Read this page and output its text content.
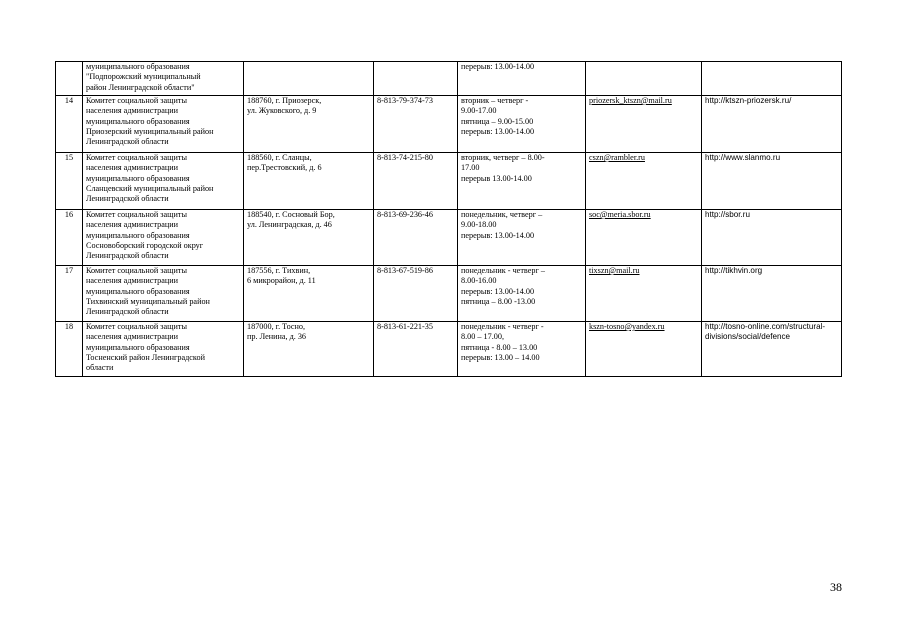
	муниципального образования
"Подпорожский муниципальный
район Ленинградской области"			перерыв: 13.00-14.00		

14	Комитет социальной защиты
населения администрации
муниципального образования
Приозерский муниципальный район
Ленинградской области	188760, г. Приозерск,
ул. Жуковского, д. 9	8-813-79-374-73	вторник – четверг -
9.00-17.00
пятница – 9.00-15.00
перерыв: 13.00-14.00	priozersk_ktszn@mail.ru	http://ktszn-priozersk.ru/

15	Комитет социальной защиты
населения администрации
муниципального образования
Сланцевский муниципальный район
Ленинградской области	188560, г. Сланцы,
пер.Трестовский, д. 6	8-813-74-215-80	вторник, четверг – 8.00-
17.00
перерыв 13.00-14.00	cszn@rambler.ru	http://www.slanmo.ru

16	Комитет социальной защиты
населения администрации
муниципального образования
Сосновоборский городской округ
Ленинградской области	188540, г. Сосновый Бор,
ул. Ленинградская, д. 46	8-813-69-236-46	понедельник, четверг –
9.00-18.00
перерыв: 13.00-14.00	soc@meria.sbor.ru	http://sbor.ru

17	Комитет социальной защиты
населения администрации
муниципального образования
Тихвинский муниципальный район
Ленинградской области	187556, г. Тихвин,
6 микрорайон, д. 11	8-813-67-519-86	понедельник - четверг –
8.00-16.00
перерыв: 13.00-14.00
пятница – 8.00 -13.00	tixszn@mail.ru	http://tikhvin.org

18	Комитет социальной защиты
населения администрации
муниципального образования
Тосненский район Ленинградской
области	187000, г. Тосно,
пр. Ленина, д. 36	8-813-61-221-35	понедельник - четверг -
8.00 – 17.00,
пятница - 8.00 – 13.00
перерыв: 13.00 – 14.00	kszn-tosno@yandex.ru	http://tosno-online.com/structural-
divisions/social/defence
38
